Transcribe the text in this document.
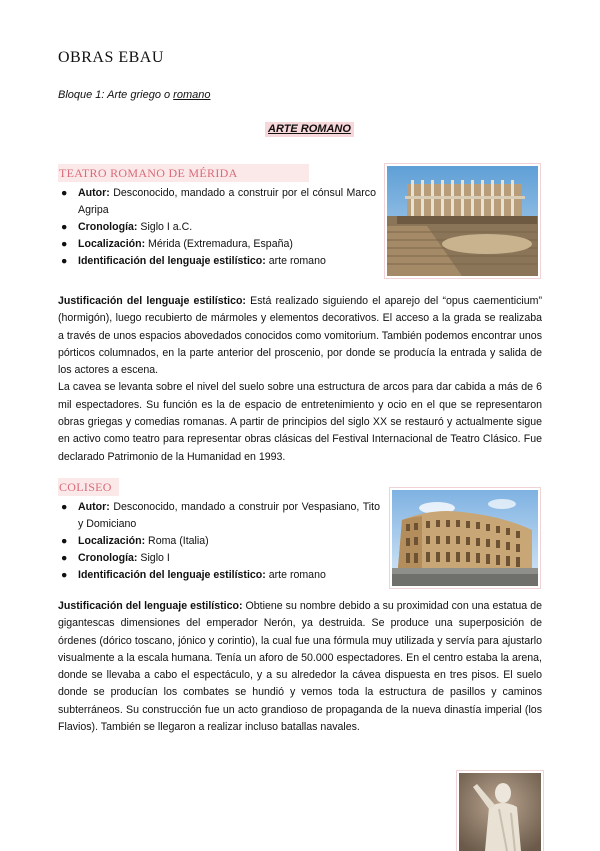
OBRAS EBAU
Bloque 1: Arte griego o romano
ARTE ROMANO
TEATRO ROMANO DE MÉRIDA
● Autor: Desconocido, mandado a construir por el cónsul Marco Agripa
● Cronología: Siglo I a.C.
● Localización: Mérida (Extremadura, España)
● Identificación del lenguaje estilístico: arte romano

Justificación del lenguaje estilístico: Está realizado siguiendo el aparejo del “opus caementicium” (hormigón), luego recubierto de mármoles y elementos decorativos. El acceso a la grada se realizaba a través de unos espacios abovedados conocidos como vomitorium. También podemos encontrar unos pórticos columnados, en la parte anterior del proscenio, por donde se producía la entrada y salida de los actores a escena.

La cavea se levanta sobre el nivel del suelo sobre una estructura de arcos para dar cabida a más de 6 mil espectadores. Su función es la de espacio de entretenimiento y ocio en el que se representaron obras griegas y comedias romanas. A partir de principios del siglo XX se restauró y actualmente sigue en activo como teatro para representar obras clásicas del Festival Internacional de Teatro Clásico. Fue declarado Patrimonio de la Humanidad en 1993.

COLISEO
● Autor: Desconocido, mandado a construir por Vespasiano, Tito y Domiciano
● Localización: Roma (Italia)
● Cronología: Siglo I
● Identificación del lenguaje estilístico: arte romano

Justificación del lenguaje estilístico: Obtiene su nombre debido a su proximidad con una estatua de gigantescas dimensiones del emperador Nerón, ya destruida. Se produce una superposición de órdenes (dórico toscano, jónico y corintio), la cual fue una fórmula muy utilizada y servía para ajustarlo visualmente a la escala humana. Tenía un aforo de 50.000 espectadores. En el centro estaba la arena, donde se llevaba a cabo el espectáculo, y a su alrededor la cávea dispuesta en tres pisos. El suelo donde se producían los combates se hundió y vemos toda la estructura de pasillos y caminos subterráneos. Su construcción fue un acto grandioso de propaganda de la nueva dinastía imperial (los Flavios). También se llegaron a realizar incluso batallas navales.
